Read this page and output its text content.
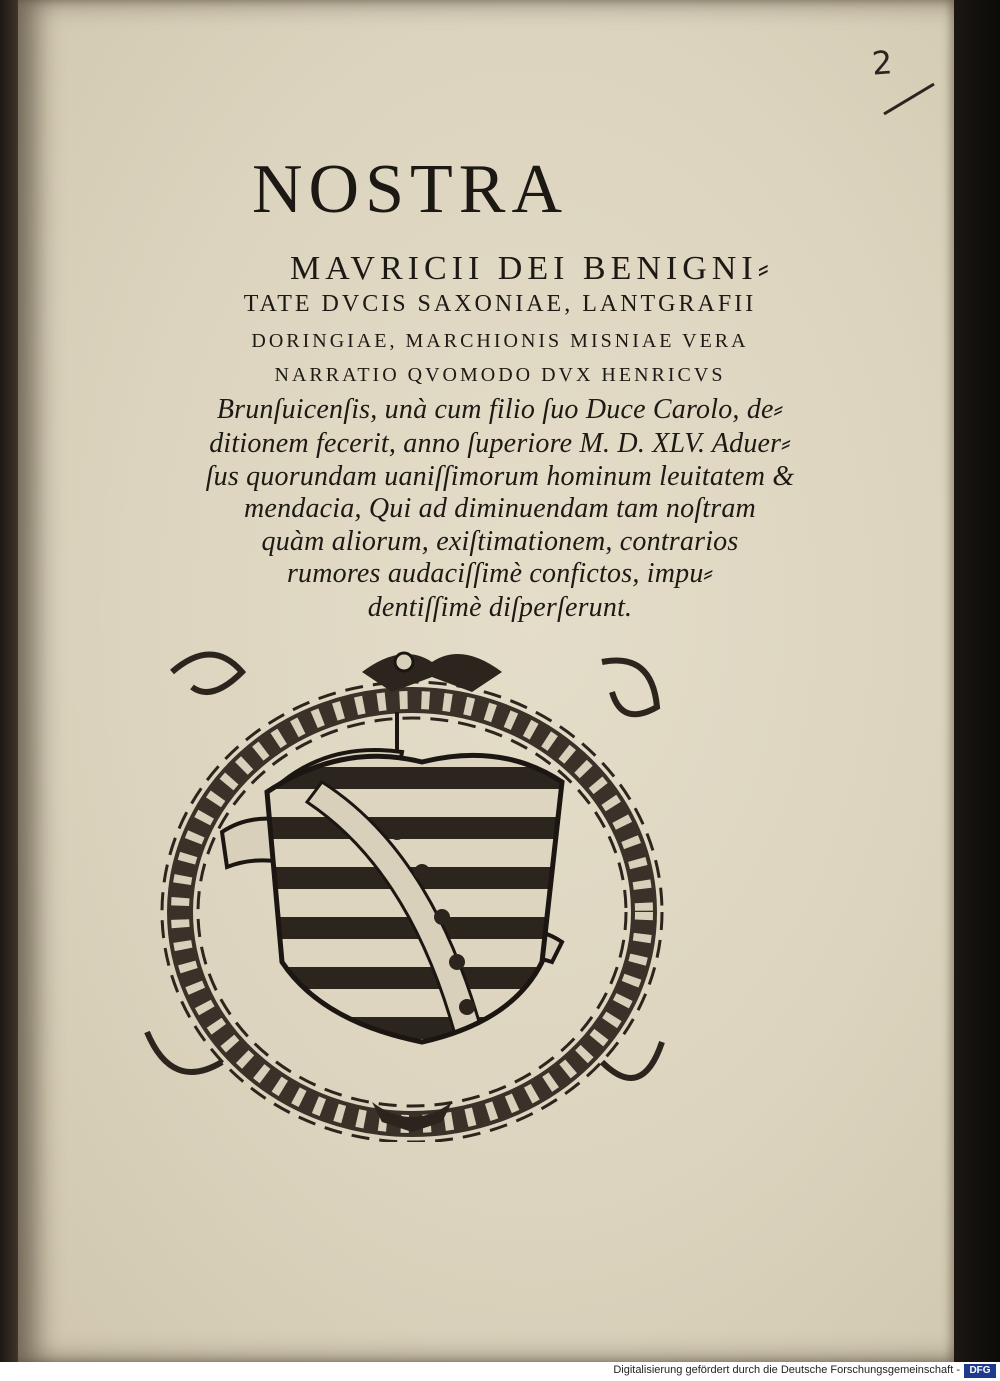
2
NOSTRA
MAVRICII DEI BENIGNI⸗
TATE DVCIS SAXONIAE, LANTGRAFII
DORINGIAE, MARCHIONIS MISNIAE VERA
NARRATIO QVOMODO DVX HENRICVS
Brunſuicenſis, unà cum filio ſuo Duce Carolo, de⸗
ditionem fecerit, anno ſuperiore M. D. XLV. Aduer⸗
ſus quorundam uaniſſimorum hominum leuitatem &
mendacia, Qui ad diminuendam tam noſtram
quàm aliorum, exiſtimationem, contrarios
rumores audaciſſimè confictos, impu⸗
dentiſſimè diſperſerunt.
Digitalisierung gefördert durch die Deutsche Forschungsgemeinschaft - DFG
